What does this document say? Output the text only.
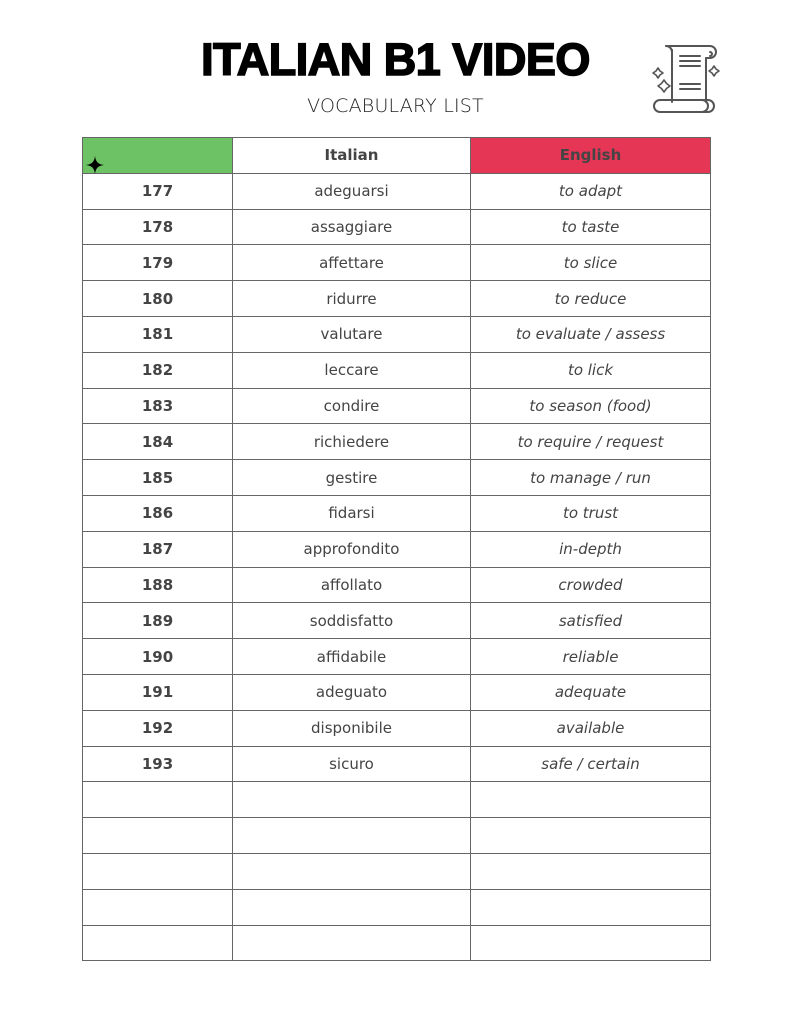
ITALIAN B1 VIDEO
VOCABULARY LIST
	Italian	English
177	adeguarsi	to adapt
178	assaggiare	to taste
179	affettare	to slice
180	ridurre	to reduce
181	valutare	to evaluate / assess
182	leccare	to lick
183	condire	to season (food)
184	richiedere	to require / request
185	gestire	to manage / run
186	fidarsi	to trust
187	approfondito	in-depth
188	affollato	crowded
189	soddisfatto	satisfied
190	affidabile	reliable
191	adeguato	adequate
192	disponibile	available
193	sicuro	safe / certain
